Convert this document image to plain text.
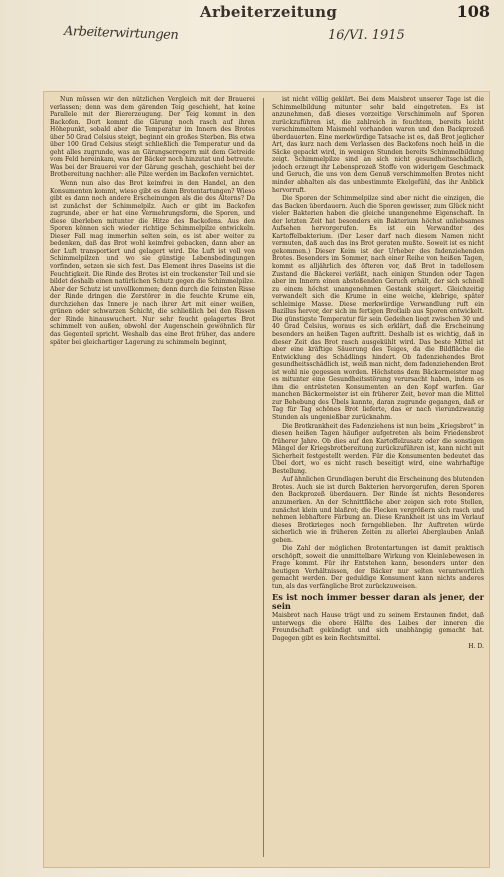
Arbeiterzeitung	108
Arbeiterwirtungen	16/VI. 1915

Nun müssen wir den nützlichen Vergleich mit der Brauerei verlassen; denn was dem gärenden Teig geschieht, hat keine Parallele mit der Biererzeugung. Der Teig kommt in den Backofen. Dort kommt die Gärung noch rasch auf ihren Höhepunkt, sobald aber die Temperatur im Innern des Brotes über 50 Grad Celsius steigt, beginnt ein großes Sterben. Bis etwa über 100 Grad Celsius steigt schließlich die Temperatur und da geht alles zugrunde, was an Gärungserregern mit dem Getreide vom Feld hereinkam, was der Bäcker noch hinzutat und betreute. Was bei der Brauerei vor der Gärung geschah, geschieht bei der Brotbereitung nachher: alle Pilze werden im Backofen vernichtet.

Wenn nun also das Brot keimfrei in den Handel, an den Konsumenten kommt, wieso gibt es dann Brotentartungen? Wieso gibt es dann noch andere Erscheinungen als die des Alterns? Da ist zunächst der Schimmelpilz. Auch er gibt im Backofen zugrunde, aber er hat eine Vermehrungsform, die Sporen, und diese überleben mitunter die Hitze des Backofens. Aus den Sporen können sich wieder richtige Schimmelpilze entwickeln. Dieser Fall mag immerhin selten sein, es ist aber weiter zu bedenken, daß das Brot wohl keimfrei gebacken, dann aber an der Luft transportiert und gelagert wird. Die Luft ist voll von Schimmelpilzen und wo sie günstige Lebensbedingungen vorfinden, setzen sie sich fest. Das Element ihres Daseins ist die Feuchtigkeit. Die Rinde des Brotes ist ein trockenster Teil und sie bildet deshalb einen natürlichen Schutz gegen die Schimmelpilze. Aber der Schutz ist unvollkommen; denn durch die feinsten Risse der Rinde dringen die Zerstörer in die feuchte Krume ein, durchziehen das Innere je nach ihrer Art mit einer weißen, grünen oder schwarzen Schicht, die schließlich bei den Rissen der Rinde hinauswuchert. Nur sehr feucht gelagertes Brot schimmelt von außen, obwohl der Augenschein gewöhnlich für das Gegenteil spricht. Weshalb das eine Brot früher, das andere später bei gleichartiger Lagerung zu schimmeln beginnt,

ist nicht völlig geklärt. Bei dem Maisbrot unserer Tage ist die Schimmelbildung mitunter sehr bald eingetreten. Es ist anzunehmen, daß dieses vorzeitige Verschimmeln auf Sporen zurückzuführen ist, die zahlreich in feuchtem, bereits leicht verschimmeltem Maismehl vorhanden waren und den Backprozeß überdauerten. Eine merkwürdige Tatsache ist es, daß Brot jeglicher Art, das kurz nach dem Verlassen des Backofens noch heiß in die Säcke gepackt wird, in wenigen Stunden bereits Schimmelbildung zeigt. Schimmelpilze sind an sich nicht gesundheitsschädlich, jedoch erzeugt ihr Lebensprozeß Stoffe von widerigem Geschmack und Geruch, die uns von dem Genuß verschimmelten Brotes nicht minder abhalten als das unbestimmte Ekelgefühl, das ihr Anblick hervorruft.

Die Sporen der Schimmelpilze sind aber nicht die einzigen, die das Backen überdauern. Auch die Sporen gewisser, zum Glück nicht vieler Bakterien haben die gleiche unangenehme Eigenschaft. In der letzten Zeit hat besonders ein Bakterium höchst unliebsames Aufsehen hervorgerufen. Es ist ein Verwandter des Kartoffelbakterium. (Der Leser darf nach diesem Namen nicht vermuten, daß auch das ins Brot geraten mußte. Soweit ist es nicht gekommen.) Dieser Keim ist der Urheber des fadenziehenden Brotes. Besonders im Sommer, nach einer Reihe von heißen Tagen, kommt es alljährlich des öfteren vor, daß Brot in tadellosem Zustand die Bäckerei verläßt, nach einigen Stunden oder Tagen aber im Innern einen abstoßenden Geruch erhält, der sich schnell zu einem höchst unangenehmen Gestank steigert. Gleichzeitig verwandelt sich die Krume in eine weiche, klebrige, später schleimige Masse. Diese merkwürdige Verwandlung ruft ein Bazillus hervor, der sich im fertigen Brotlaib aus Sporen entwickelt. Die günstigste Temperatur für sein Gedeihen liegt zwischen 30 und 40 Grad Celsius, woraus es sich erklärt, daß die Erscheinung besonders an heißen Tagen auftritt. Deshalb ist es wichtig, daß in dieser Zeit das Brot rasch ausgekühlt wird. Das beste Mittel ist aber eine kräftige Säuerung des Teiges, da die Bildfläche die Entwicklung des Schädlings hindert. Ob fadenziehendes Brot gesundheitsschädlich ist, weiß man nicht, dem fadenziehenden Brot ist wohl nie gegessen worden. Höchstens dem Bäckermeister mag es mitunter eine Gesundheitsstörung verursacht haben, indem es ihm die entrüsteten Konsumenten an den Kopf warfen. Gar manchen Bäckermeister ist ein früherer Zeit, bevor man die Mittel zur Behebung des Übels kannte, daran zugrunde gegangen, daß er Tag für Tag schönes Brot lieferte, das er nach vierundzwanzig Stunden als ungenießbar zurücknahm.

Die Brotkrankheit des Fadenziehens ist nun beim „Kriegsbrot“ in diesen heißen Tagen häufiger aufgetreten als beim Friedensbrot früherer Jahre. Ob dies auf den Kartoffelzusatz oder die sonstigen Mängel der Kriegsbrotbereitung zurückzuführen ist, kann nicht mit Sicherheit festgestellt werden. Für die Konsumenten bedeutet das Übel dort, wo es nicht rasch beseitigt wird, eine wahrhaftige Bestellung.

Auf ähnlichen Grundlagen beruht die Erscheinung des blutenden Brotes. Auch sie ist durch Bakterien hervorgerufen, deren Sporen den Backprozeß überdauern. Der Rinde ist nichts Besonderes anzumerken. An der Schnittfläche aber zeigen sich rote Stellen, zunächst klein und blaßrot; die Flecken vergrößern sich rasch und nehmen lebhaftere Färbung an. Diese Krankheit ist uns im Verlauf dieses Brotkrieges noch ferngeblieben. Ihr Auftreten würde sicherlich wie in früheren Zeiten zu allerlei Aberglauben Anlaß geben.

Die Zahl der möglichen Brotentartungen ist damit praktisch erschöpft, soweit die unmittelbare Wirkung von Kleinlebewesen in Frage kommt. Für ihr Entstehen kann, besonders unter den heutigen Verhältnissen, der Bäcker nur selten verantwortlich gemacht werden. Der geduldige Konsument kann nichts anderes tun, als das verfängliche Brot zurückzuweisen.

Es ist noch immer besser daran als jener, der sein

Maisbrot nach Hause trägt und zu seinem Erstaunen findet, daß unterwegs die obere Hälfte des Laibes der inneren die Freundschaft gekündigt und sich unabhängig gemacht hat. Dagegen gibt es kein Rechtsmittel.

H. D.
